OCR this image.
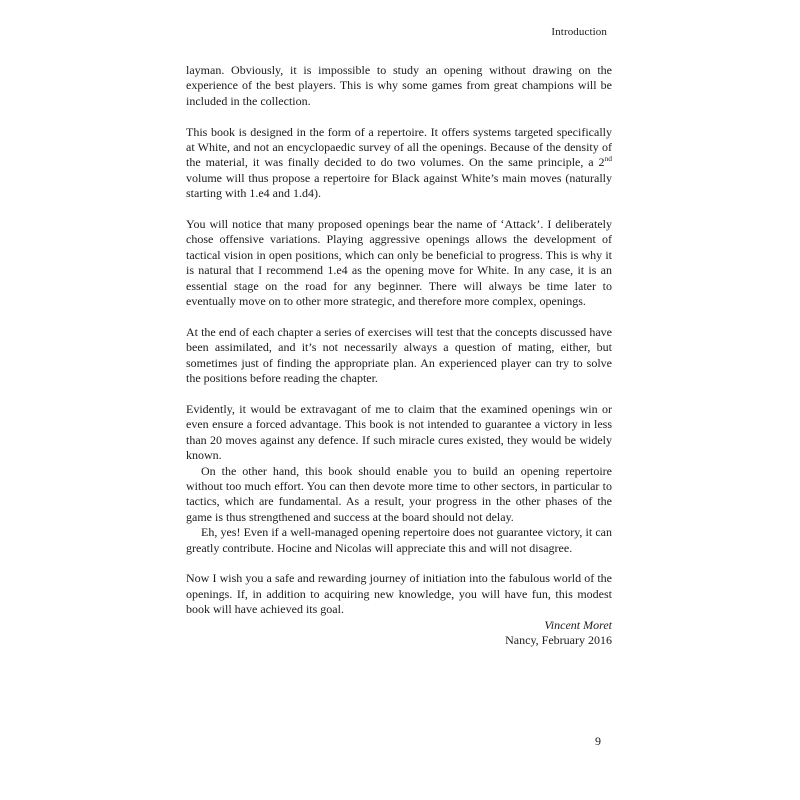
Introduction

layman. Obviously, it is impossible to study an opening without drawing on the experience of the best players. This is why some games from great champions will be included in the collection.

This book is designed in the form of a repertoire. It offers systems targeted specifically at White, and not an encyclopaedic survey of all the openings. Because of the density of the material, it was finally decided to do two volumes. On the same principle, a 2nd volume will thus propose a repertoire for Black against White’s main moves (naturally starting with 1.e4 and 1.d4).

You will notice that many proposed openings bear the name of ‘Attack’. I deliberately chose offensive variations. Playing aggressive openings allows the development of tactical vision in open positions, which can only be beneficial to progress. This is why it is natural that I recommend 1.e4 as the opening move for White. In any case, it is an essential stage on the road for any beginner. There will always be time later to eventually move on to other more strategic, and therefore more complex, openings.

At the end of each chapter a series of exercises will test that the concepts discussed have been assimilated, and it’s not necessarily always a question of mating, either, but sometimes just of finding the appropriate plan. An experienced player can try to solve the positions before reading the chapter.

Evidently, it would be extravagant of me to claim that the examined openings win or even ensure a forced advantage. This book is not intended to guarantee a victory in less than 20 moves against any defence. If such miracle cures existed, they would be widely known.

On the other hand, this book should enable you to build an opening repertoire without too much effort. You can then devote more time to other sectors, in particular to tactics, which are fundamental. As a result, your progress in the other phases of the game is thus strengthened and success at the board should not delay.

Eh, yes! Even if a well-managed opening repertoire does not guarantee victory, it can greatly contribute. Hocine and Nicolas will appreciate this and will not disagree.

Now I wish you a safe and rewarding journey of initiation into the fabulous world of the openings. If, in addition to acquiring new knowledge, you will have fun, this modest book will have achieved its goal.

Vincent Moret

Nancy, February 2016

9
